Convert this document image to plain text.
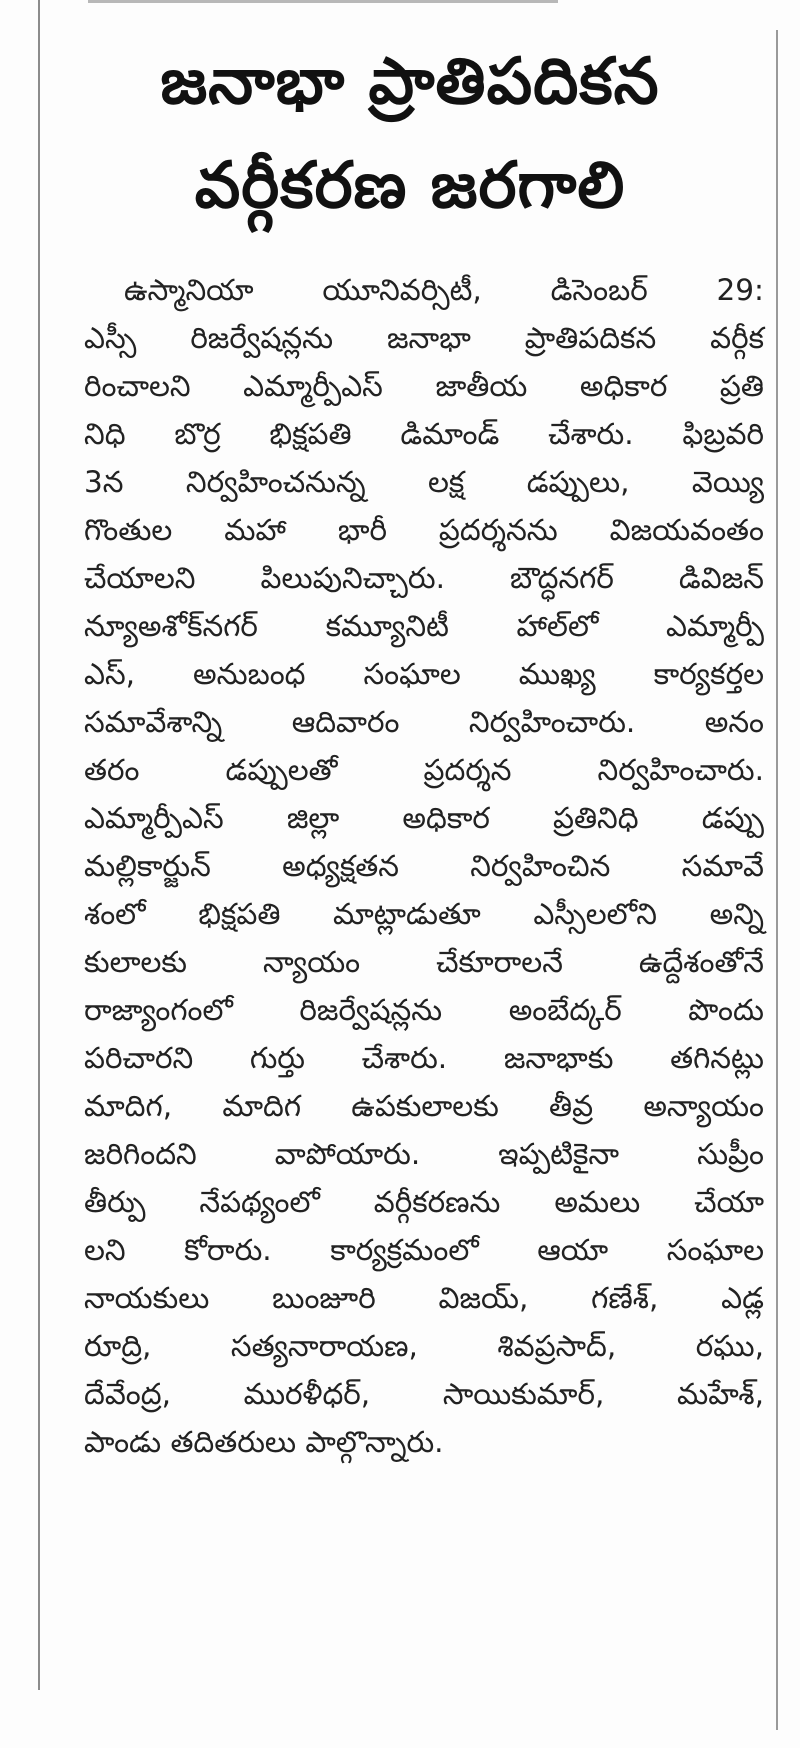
జనాభా ప్రాతిపదికన
వర్గీకరణ జరగాలి
ఉస్మానియా యూనివర్సిటీ, డిసెంబర్ 29:
ఎస్సీ రిజర్వేషన్లను జనాభా ప్రాతిపదికన వర్గీక
రించాలని ఎమ్మార్పీఎస్ జాతీయ అధికార ప్రతి
నిధి బొర్ర భిక్షపతి డిమాండ్ చేశారు. ఫిబ్రవరి
3న నిర్వహించనున్న లక్ష డప్పులు, వెయ్యి
గొంతుల మహా భారీ ప్రదర్శనను విజయవంతం
చేయాలని పిలుపునిచ్చారు. బౌద్ధనగర్ డివిజన్
న్యూఅశోక్‌నగర్ కమ్యూనిటీ హాల్‌లో ఎమ్మార్పీ
ఎస్, అనుబంధ సంఘాల ముఖ్య కార్యకర్తల
సమావేశాన్ని ఆదివారం నిర్వహించారు. అనం
తరం	డప్పులతో	ప్రదర్శన	నిర్వహించారు.
ఎమ్మార్పీఎస్ జిల్లా అధికార ప్రతినిధి డప్పు
మల్లికార్జున్ అధ్యక్షతన నిర్వహించిన సమావే
శంలో భిక్షపతి మాట్లాడుతూ ఎస్సీలలోని అన్ని
కులాలకు	న్యాయం	చేకూరాలనే	ఉద్దేశంతోనే
రాజ్యాంగంలో రిజర్వేషన్లను అంబేద్కర్ పొందు
పరిచారని గుర్తు చేశారు. జనాభాకు తగినట్లు
మాదిగ, మాదిగ ఉపకులాలకు తీవ్ర అన్యాయం
జరిగిందని	వాపోయారు.	ఇప్పటికైనా	సుప్రీం
తీర్పు నేపథ్యంలో వర్గీకరణను అమలు చేయా
లని కోరారు. కార్యక్రమంలో ఆయా సంఘాల
నాయకులు బుంజూరి విజయ్, గణేశ్, ఎడ్ల
రూద్రి,	సత్యనారాయణ,	శివప్రసాద్,	రఘు,
దేవేంద్ర, మురళీధర్, సాయికుమార్, మహేశ్,
పాండు తదితరులు పాల్గొన్నారు.
